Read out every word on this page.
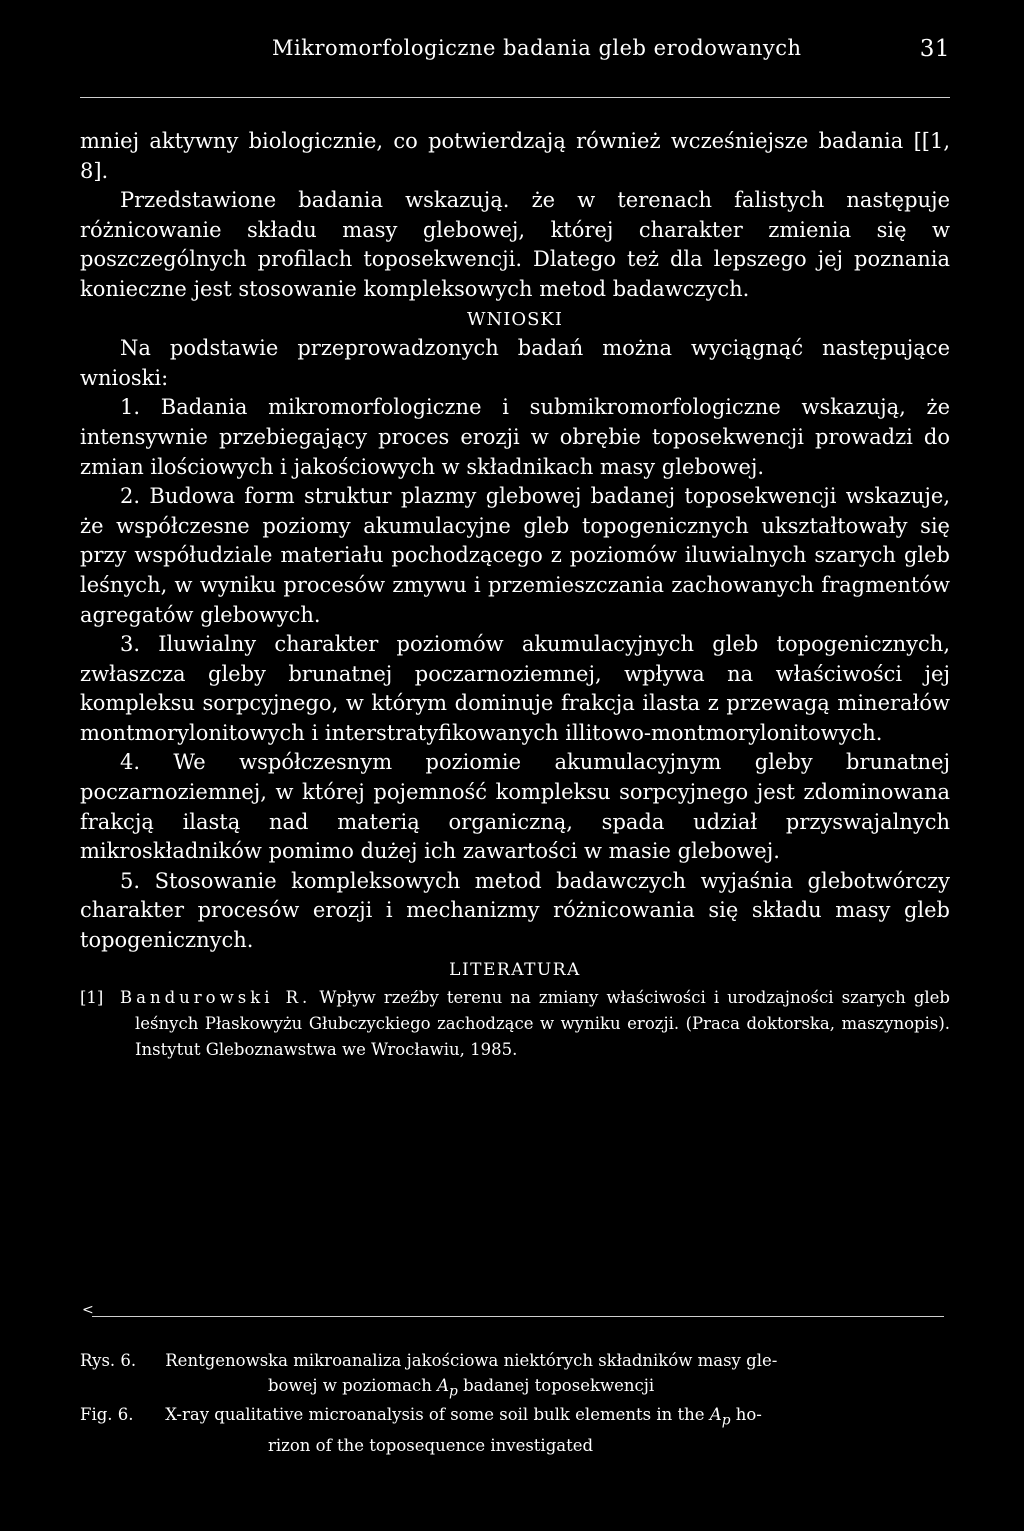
Mikromorfologiczne badania gleb erodowanych	31

mniej aktywny biologicznie, co potwierdzają również wcześniejsze badania [[1, 8].

Przedstawione badania wskazują. że w terenach falistych następuje różnicowanie składu masy glebowej, której charakter zmienia się w poszczególnych profilach toposekwencji. Dlatego też dla lepszego jej poznania konieczne jest stosowanie kompleksowych metod badawczych.

WNIOSKI

Na podstawie przeprowadzonych badań można wyciągnąć następujące wnioski:

1. Badania mikromorfologiczne i submikromorfologiczne wskazują, że intensywnie przebiegający proces erozji w obrębie toposekwencji prowadzi do zmian ilościowych i jakościowych w składnikach masy glebowej.

2. Budowa form struktur plazmy glebowej badanej toposekwencji wskazuje, że współczesne poziomy akumulacyjne gleb topogenicznych ukształtowały się przy współudziale materiału pochodzącego z poziomów iluwialnych szarych gleb leśnych, w wyniku procesów zmywu i przemieszczania zachowanych fragmentów agregatów glebowych.

3. Iluwialny charakter poziomów akumulacyjnych gleb topogenicznych, zwłaszcza gleby brunatnej poczarnoziemnej, wpływa na właściwości jej kompleksu sorpcyjnego, w którym dominuje frakcja ilasta z przewagą minerałów montmorylonitowych i interstratyfikowanych illitowo-montmorylonitowych.

4. We współczesnym poziomie akumulacyjnym gleby brunatnej poczarnoziemnej, w której pojemność kompleksu sorpcyjnego jest zdominowana frakcją ilastą nad materią organiczną, spada udział przyswajalnych mikroskładników pomimo dużej ich zawartości w masie glebowej.

5. Stosowanie kompleksowych metod badawczych wyjaśnia glebotwórczy charakter procesów erozji i mechanizmy różnicowania się składu masy gleb topogenicznych.

LITERATURA

[1] Bandurowski R. Wpływ rzeźby terenu na zmiany właściwości i urodzajności szarych gleb leśnych Płaskowyżu Głubczyckiego zachodzące w wyniku erozji. (Praca doktorska, maszynopis). Instytut Gleboznawstwa we Wrocławiu, 1985.

<
Rys. 6. Rentgenowska mikroanaliza jakościowa niektórych składników masy gle-
bowej w poziomach $A_p$ badanej toposekwencji
Fig. 6. X-ray qualitative microanalysis of some soil bulk elements in the $A_p$ ho-
rizon of the toposequence investigated
